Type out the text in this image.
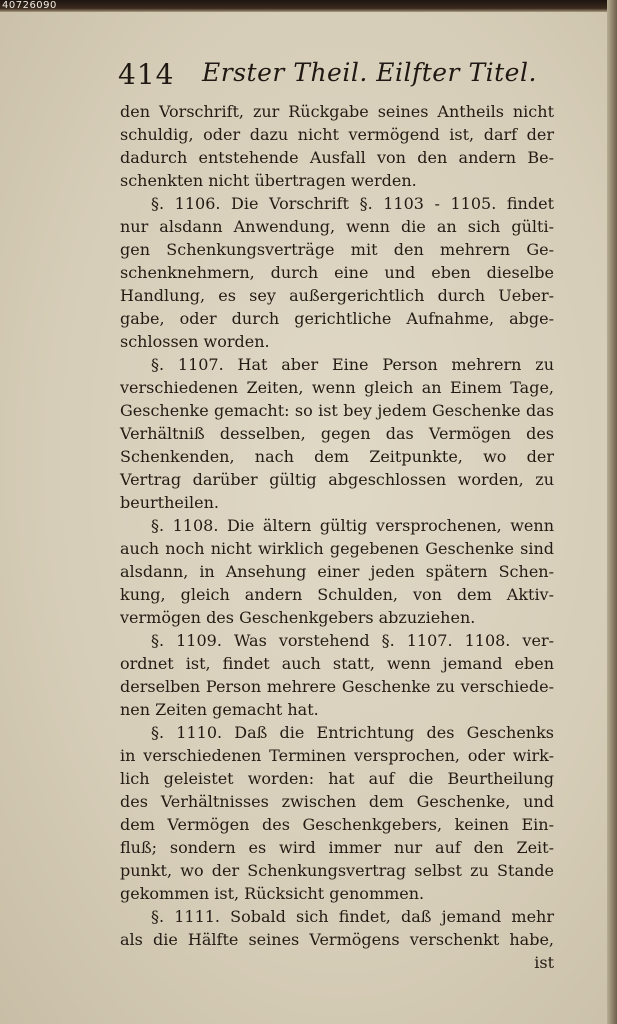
40726090
414 Erster Theil. Eilfter Titel.
den Vorschrift, zur Rückgabe seines Antheils nicht
schuldig, oder dazu nicht vermögend ist, darf der
dadurch entstehende Ausfall von den andern Be-
schenkten nicht übertragen werden.
§. 1106. Die Vorschrift §. 1103 - 1105. findet
nur alsdann Anwendung, wenn die an sich gülti-
gen Schenkungsverträge mit den mehrern Ge-
schenknehmern, durch eine und eben dieselbe
Handlung, es sey außergerichtlich durch Ueber-
gabe, oder durch gerichtliche Aufnahme, abge-
schlossen worden.
§. 1107. Hat aber Eine Person mehrern zu
verschiedenen Zeiten, wenn gleich an Einem Tage,
Geschenke gemacht: so ist bey jedem Geschenke das
Verhältniß desselben, gegen das Vermögen des
Schenkenden, nach dem Zeitpunkte, wo der
Vertrag darüber gültig abgeschlossen worden, zu
beurtheilen.
§. 1108. Die ältern gültig versprochenen, wenn
auch noch nicht wirklich gegebenen Geschenke sind
alsdann, in Ansehung einer jeden spätern Schen-
kung, gleich andern Schulden, von dem Aktiv-
vermögen des Geschenkgebers abzuziehen.
§. 1109. Was vorstehend §. 1107. 1108. ver-
ordnet ist, findet auch statt, wenn jemand eben
derselben Person mehrere Geschenke zu verschiede-
nen Zeiten gemacht hat.
§. 1110. Daß die Entrichtung des Geschenks
in verschiedenen Terminen versprochen, oder wirk-
lich geleistet worden: hat auf die Beurtheilung
des Verhältnisses zwischen dem Geschenke, und
dem Vermögen des Geschenkgebers, keinen Ein-
fluß; sondern es wird immer nur auf den Zeit-
punkt, wo der Schenkungsvertrag selbst zu Stande
gekommen ist, Rücksicht genommen.
§. 1111. Sobald sich findet, daß jemand mehr
als die Hälfte seines Vermögens verschenkt habe,
ist
